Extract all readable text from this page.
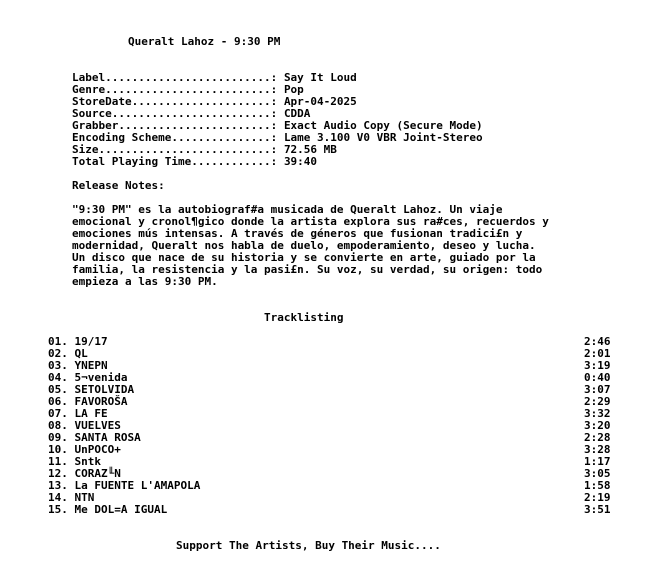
Queralt Lahoz - 9:30 PM
Label.........................: Say It Loud
Genre.........................: Pop
StoreDate.....................: Apr-04-2025
Source........................: CDDA
Grabber.......................: Exact Audio Copy (Secure Mode)
Encoding Scheme...............: Lame 3.100 V0 VBR Joint-Stereo
Size..........................: 72.56 MB
Total Playing Time............: 39:40
Release Notes:
"9:30 PM" es la autobiograf#a musicada de Queralt Lahoz. Un viaje
emocional y cronol¶gico donde la artista explora sus ra#ces, recuerdos y
emociones mús intensas. A través de géneros que fusionan tradici£n y
modernidad, Queralt nos habla de duelo, empoderamiento, deseo y lucha.
Un disco que nace de su historia y se convierte en arte, guiado por la
familia, la resistencia y la pasi£n. Su voz, su verdad, su origen: todo
empieza a las 9:30 PM.
Tracklisting
01. 19/17	2:46
02. QL	2:01
03. YNEPN	3:19
04. 5¬venida	0:40
05. SETOLVIDA	3:07
06. FAVOROŠA	2:29
07. LA FE	3:32
08. VUELVES	3:20
09. SANTA ROSA	2:28
10. UnPOCO+	3:28
11. Sntk	1:17
12. CORAZ╙N	3:05
13. La FUENTE L'AMAPOLA	1:58
14. NTN	2:19
15. Me DOL=A IGUAL	3:51
Support The Artists, Buy Their Music....
